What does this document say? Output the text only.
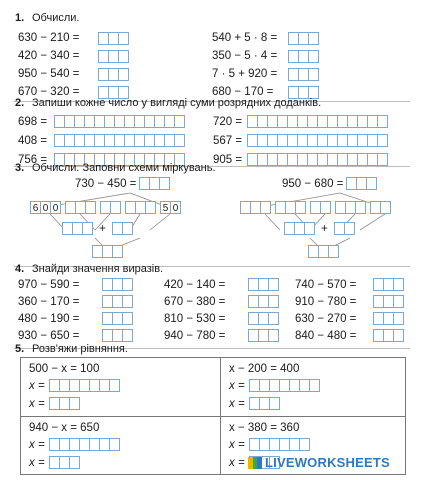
1. Обчисли.
630 − 210 =
420 − 340 =
950 − 540 =
670 − 320 =
540 + 5 · 8 =
350 − 5 · 4 =
7 · 5 + 920 =
680 − 170 =
2. Запиши кожне число у вигляді суми розрядних доданків.
698 =
408 =
756 =
720 =
567 =
905 =
3. Обчисли. Заповни схеми міркувань.
730 − 450 =
6 0 0	5 0
+
950 − 680 =
+
4. Знайди значення виразів.
970 − 590 =
360 − 170 =
480 − 190 =
930 − 650 =
420 − 140 =
670 − 380 =
810 − 530 =
940 − 780 =
740 − 570 =
910 − 780 =
630 − 270 =
840 − 480 =
5. Розв'яжи рівняння.
500 − x = 100
x =
x =
x − 200 = 400
x =
x =
940 − x = 650
x =
x =
x − 380 = 360
x =
x = LIVEWORKSHEETS
